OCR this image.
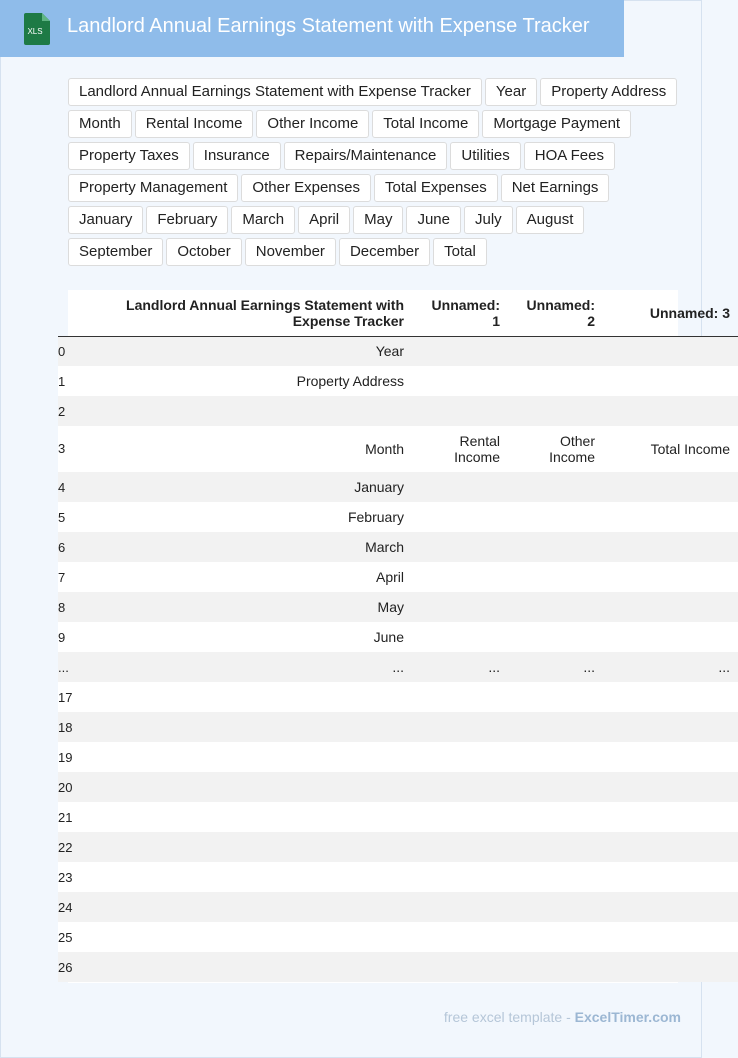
XLS Landlord Annual Earnings Statement with Expense Tracker
Landlord Annual Earnings Statement with Expense Tracker	Year	Property Address
Month	Rental Income	Other Income	Total Income	Mortgage Payment
Property Taxes	Insurance	Repairs/Maintenance	Utilities	HOA Fees
Property Management	Other Expenses	Total Expenses	Net Earnings
January	February	March	April	May	June	July	August
September	October	November	December	Total
	Landlord Annual Earnings Statement with Expense Tracker	Unnamed: 1	Unnamed: 2	Unnamed: 3
0	Year			
1	Property Address			
2				
3	Month	Rental Income	Other Income	Total Income
4	January			
5	February			
6	March			
7	April			
8	May			
9	June			
...	...	...	...	...
17				
18				
19				
20				
21				
22				
23				
24				
25				
26				
free excel template - ExcelTimer.com
